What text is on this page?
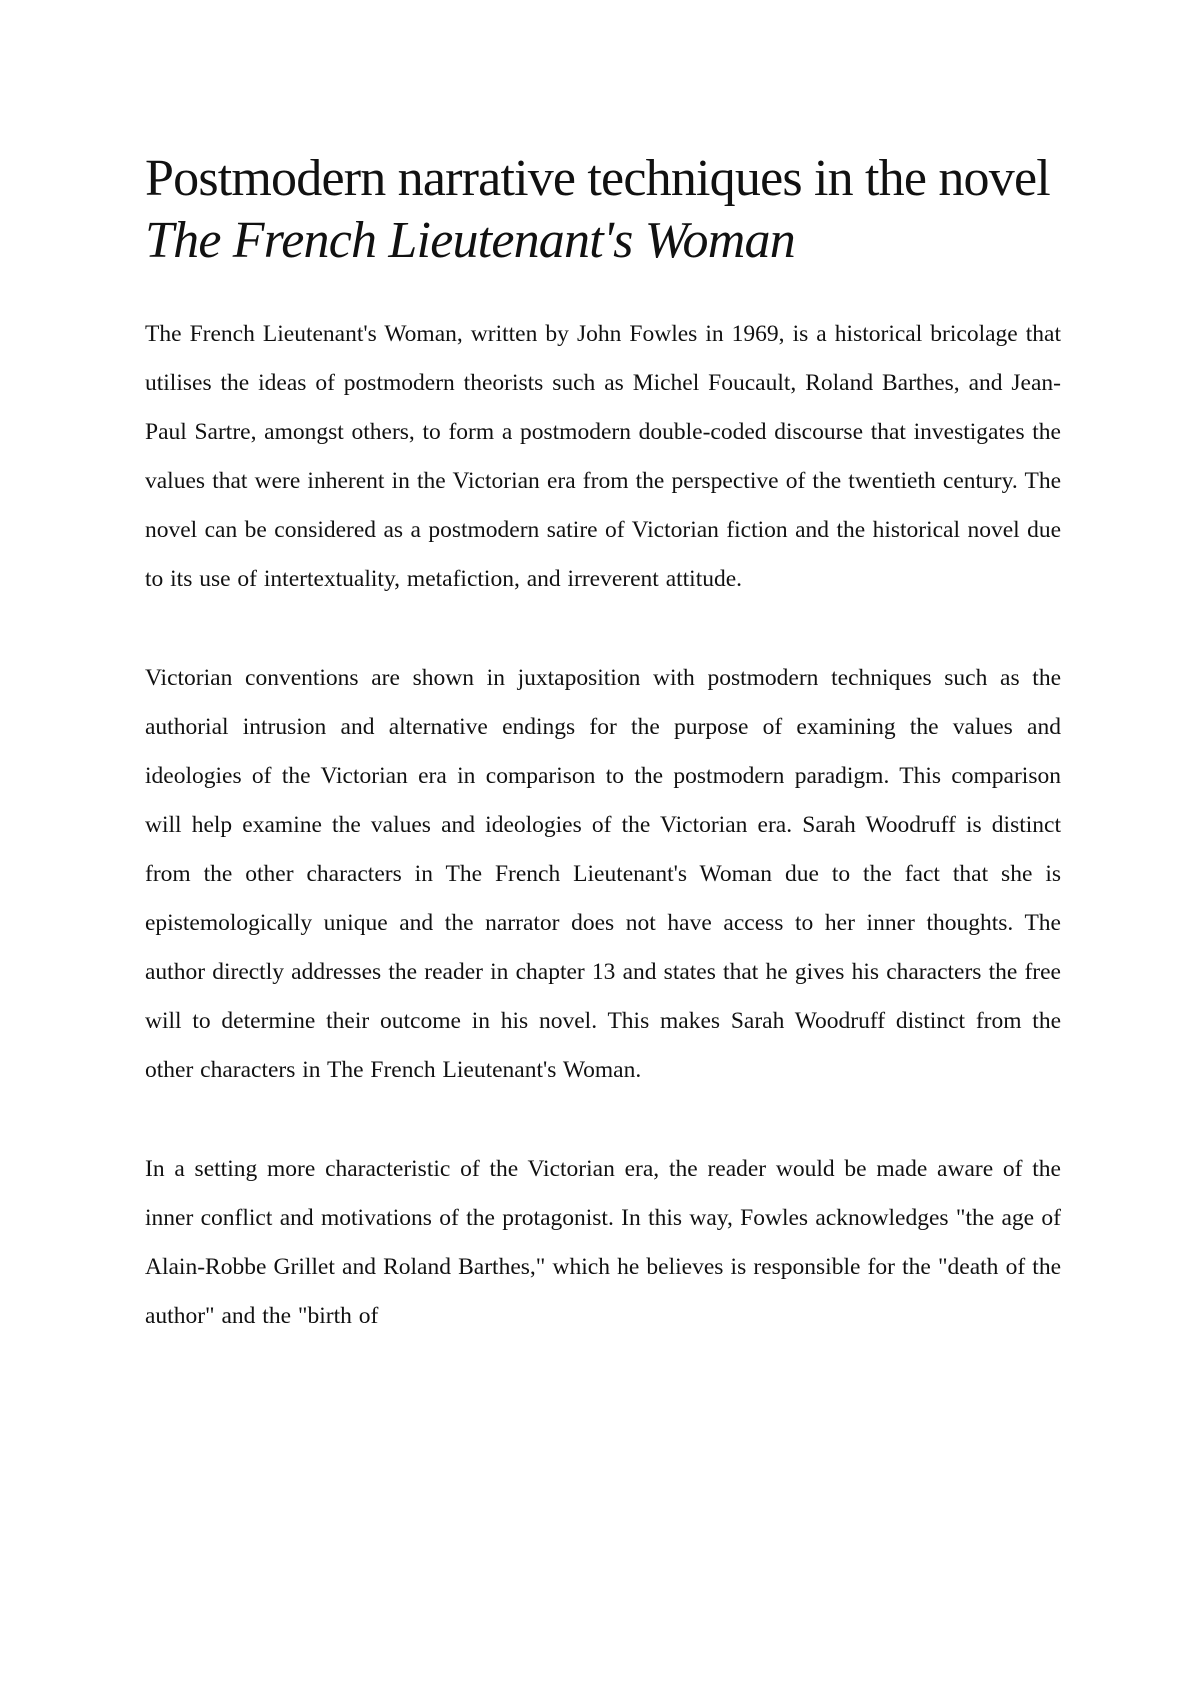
Postmodern narrative techniques in the novel The French Lieutenant's Woman

The French Lieutenant's Woman, written by John Fowles in 1969, is a historical bricolage that utilises the ideas of postmodern theorists such as Michel Foucault, Roland Barthes, and Jean-Paul Sartre, amongst others, to form a postmodern double-coded discourse that investigates the values that were inherent in the Victorian era from the perspective of the twentieth century. The novel can be considered as a postmodern satire of Victorian fiction and the historical novel due to its use of intertextuality, metafiction, and irreverent attitude.

Victorian conventions are shown in juxtaposition with postmodern techniques such as the authorial intrusion and alternative endings for the purpose of examining the values and ideologies of the Victorian era in comparison to the postmodern paradigm. This comparison will help examine the values and ideologies of the Victorian era. Sarah Woodruff is distinct from the other characters in The French Lieutenant's Woman due to the fact that she is epistemologically unique and the narrator does not have access to her inner thoughts. The author directly addresses the reader in chapter 13 and states that he gives his characters the free will to determine their outcome in his novel. This makes Sarah Woodruff distinct from the other characters in The French Lieutenant's Woman.

In a setting more characteristic of the Victorian era, the reader would be made aware of the inner conflict and motivations of the protagonist. In this way, Fowles acknowledges "the age of Alain-Robbe Grillet and Roland Barthes," which he believes is responsible for the "death of the author" and the "birth of
